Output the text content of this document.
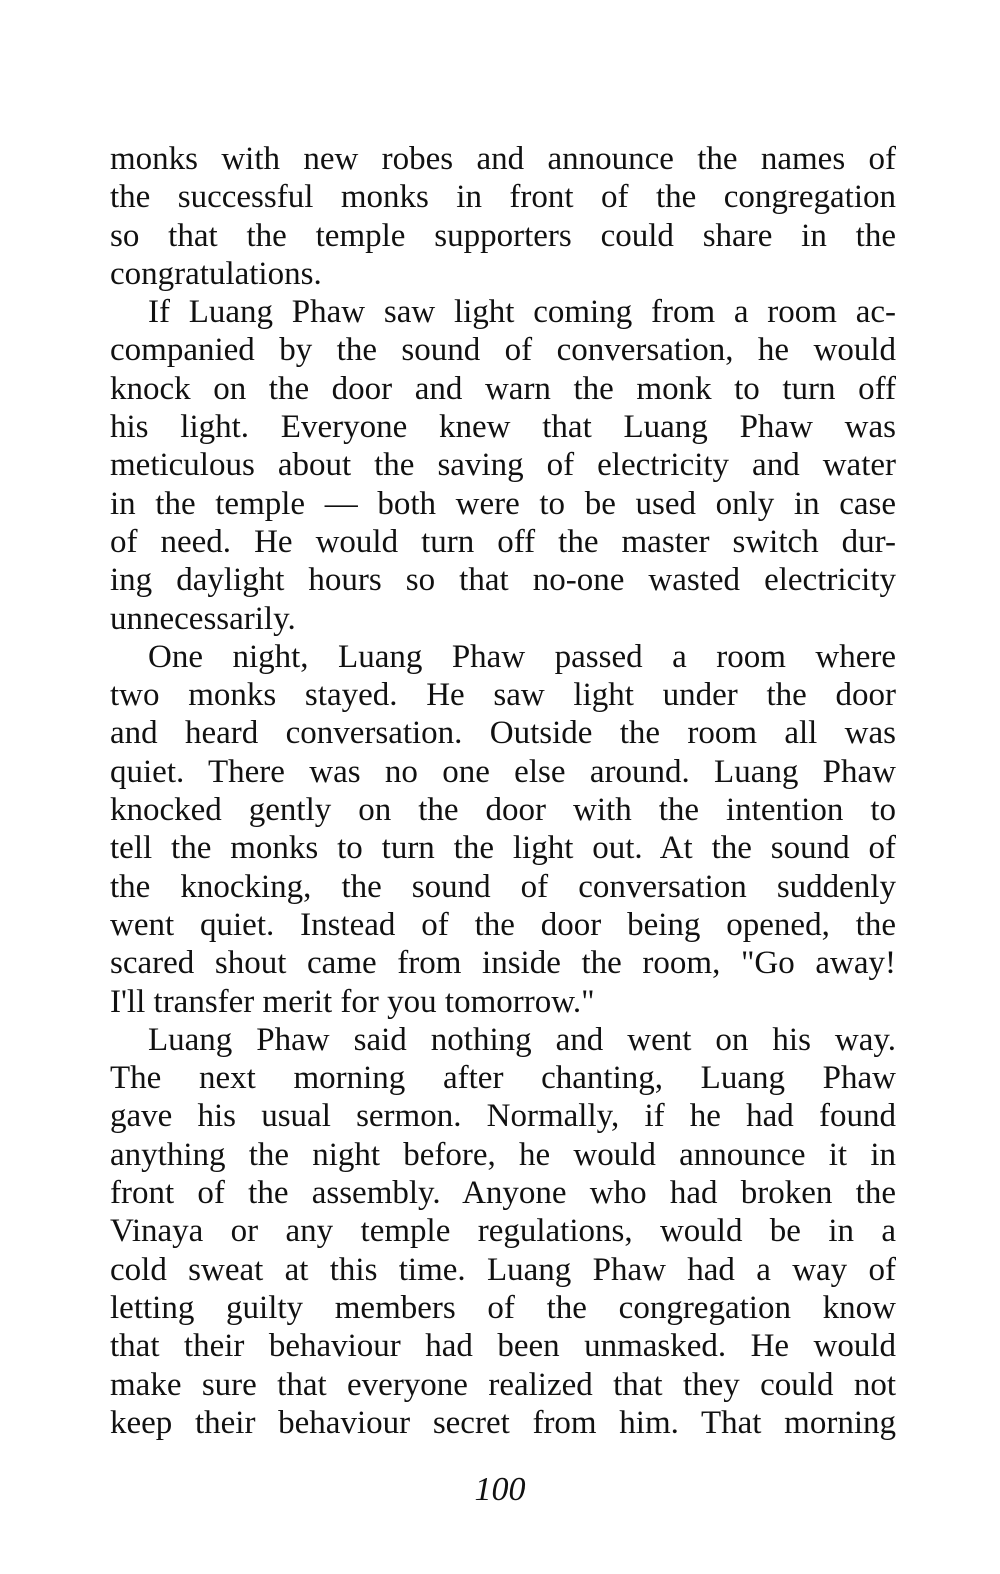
monks with new robes and announce the names of
the successful monks in front of the congregation
so that the temple supporters could share in the
congratulations.
If Luang Phaw saw light coming from a room ac-
companied by the sound of conversation, he would
knock on the door and warn the monk to turn off
his light. Everyone knew that Luang Phaw was
meticulous about the saving of electricity and water
in the temple — both were to be used only in case
of need. He would turn off the master switch dur-
ing daylight hours so that no-one wasted electricity
unnecessarily.
One night, Luang Phaw passed a room where
two monks stayed. He saw light under the door
and heard conversation. Outside the room all was
quiet. There was no one else around. Luang Phaw
knocked gently on the door with the intention to
tell the monks to turn the light out. At the sound of
the knocking, the sound of conversation suddenly
went quiet. Instead of the door being opened, the
scared shout came from inside the room, "Go away!
I'll transfer merit for you tomorrow."
Luang Phaw said nothing and went on his way.
The next morning after chanting, Luang Phaw
gave his usual sermon. Normally, if he had found
anything the night before, he would announce it in
front of the assembly. Anyone who had broken the
Vinaya or any temple regulations, would be in a
cold sweat at this time. Luang Phaw had a way of
letting guilty members of the congregation know
that their behaviour had been unmasked. He would
make sure that everyone realized that they could not
keep their behaviour secret from him. That morning
100
